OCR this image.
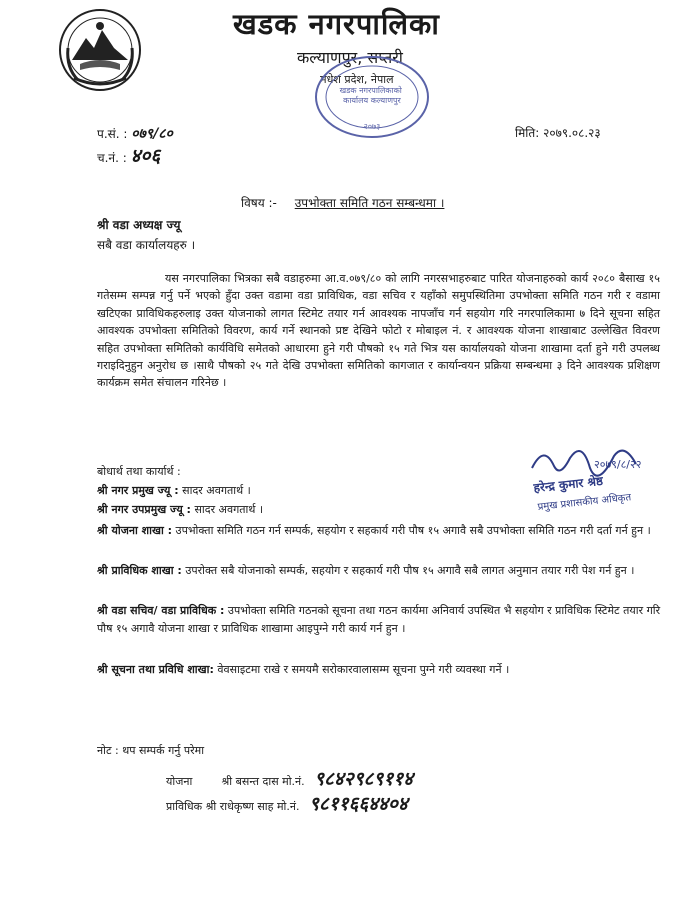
खडक नगरपालिका
कल्याणपुर, सप्तरी
मधेश प्रदेश, नेपाल
खडक नगरपालिकाको कार्यालय कल्याणपुर
२०७३
प.सं. : ०७९/८०
च.नं. : ४०६
मिति: २०७९.०८.२३
विषय :- उपभोक्ता समिति गठन सम्बन्धमा ।
श्री वडा अध्यक्ष ज्यू
सबै वडा कार्यालयहरु ।

यस नगरपालिका भित्रका सबै वडाहरुमा आ.व.०७९/८० को लागि नगरसभाहरुबाट पारित योजनाहरुको कार्य २०८० बैसाख १५ गतेसम्म सम्पन्न गर्नु पर्ने भएको हुँदा उक्त वडामा वडा प्राविधिक, वडा सचिव र यहाँको समुपस्थितिमा उपभोक्ता समिति गठन गरी र वडामा खटिएका प्राविधिकहरुलाइ उक्त योजनाको लागत स्टिमेट तयार गर्न आवश्यक नापजाँच गर्न सहयोग गरि नगरपालिकामा ७ दिने सूचना सहित आवश्यक उपभोक्ता समितिको विवरण, कार्य गर्ने स्थानको प्रष्ट देखिने फोटो र मोबाइल नं. र आवश्यक योजना शाखाबाट उल्लेखित विवरण सहित उपभोक्ता समितिको कार्यविधि समेतको आधारमा हुने गरी पौषको १५ गते भित्र यस कार्यालयको योजना शाखामा दर्ता हुने गरी उपलब्ध गराइदिनुहुन अनुरोध छ ।साथै पौषको २५ गते देखि उपभोक्ता समितिको कागजात र कार्यान्वयन प्रक्रिया सम्बन्धमा ३ दिने आवश्यक प्रशिक्षण कार्यक्रम समेत संचालन गरिनेछ ।

२०७९/८/२२
हरेन्द्र कुमार श्रेष्ठ
प्रमुख प्रशासकीय अधिकृत
बोधार्थ तथा कार्यार्थ :
श्री नगर प्रमुख ज्यू : सादर अवगतार्थ ।
श्री नगर उपप्रमुख ज्यू : सादर अवगतार्थ ।
श्री योजना शाखा : उपभोक्ता समिति गठन गर्न सम्पर्क, सहयोग र सहकार्य गरी पौष १५ अगावै सबै उपभोक्ता समिति गठन गरी दर्ता गर्न हुन ।
श्री प्राविधिक शाखा : उपरोक्त सबै योजनाको सम्पर्क, सहयोग र सहकार्य गरी पौष १५ अगावै सबै लागत अनुमान तयार गरी पेश गर्न हुन ।
श्री वडा सचिव/ वडा प्राविधिक : उपभोक्ता समिति गठनको सूचना तथा गठन कार्यमा अनिवार्य उपस्थित भै सहयोग र प्राविधिक स्टिमेट तयार गरि पौष १५ अगावै योजना शाखा र प्राविधिक शाखामा आइपुग्ने गरी कार्य गर्न हुन ।
श्री सूचना तथा प्रविधि शाखा: वेवसाइटमा राखे र समयमै सरोकारवालासम्म सूचना पुग्ने गरी व्यवस्था गर्ने ।
नोट : थप सम्पर्क गर्नु परेमा
योजना	श्री बसन्त दास मो.नं. ९८४२९८९११४
प्राविधिक श्री राधेकृष्ण साह मो.नं. ९८११६६४४०४
